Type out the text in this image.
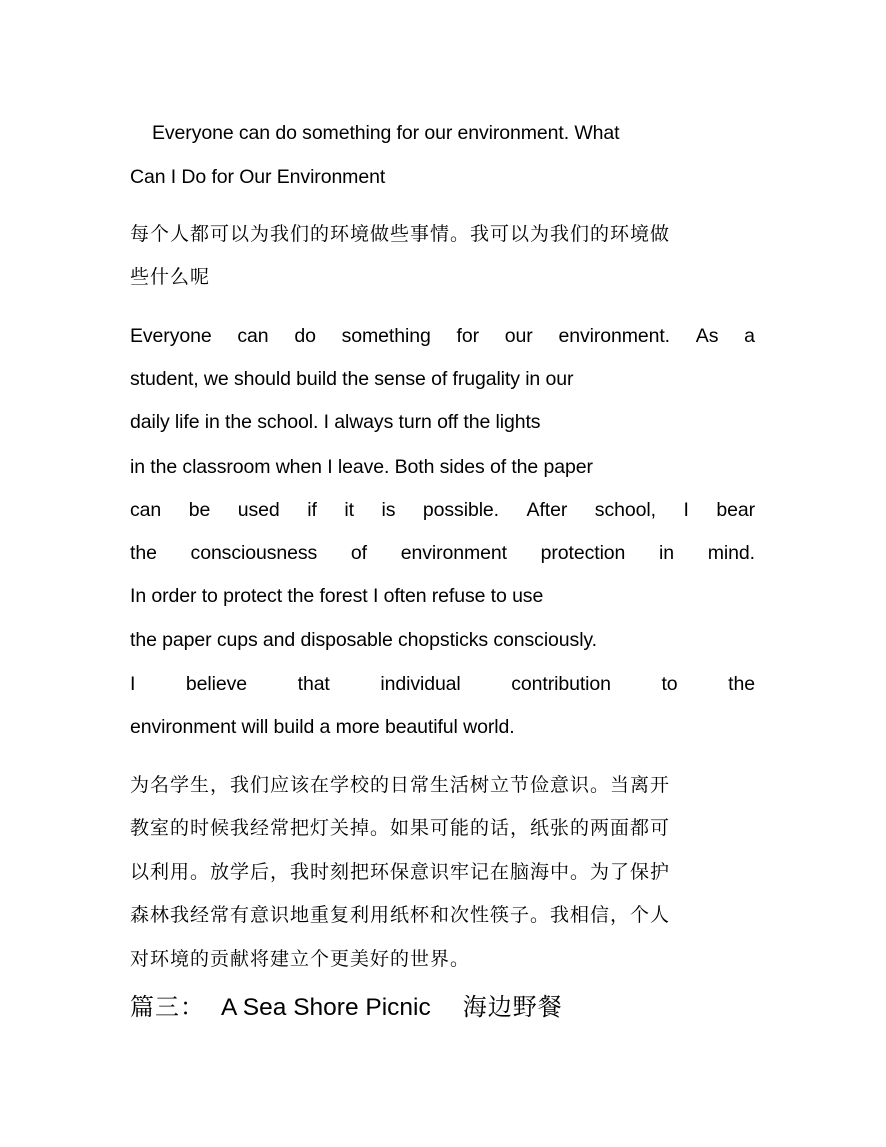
Everyone can do something for our environment. What
Can I Do for Our Environment
每个人都可以为我们的环境做些事情。我可以为我们的环境做
些什么呢
Everyone can do something for our environment. As a
student, we should build the sense of frugality in our
daily life in the school. I always turn off the lights
in the classroom when I leave. Both sides of the paper
can be used if it is possible. After school, I bear
the consciousness of environment protection in mind.
In order to protect the forest I often refuse to use
the paper cups and disposable chopsticks consciously.
I	believe	that	individual	contribution	to	the
environment will build a more beautiful world.
为名学生，我们应该在学校的日常生活树立节俭意识。当离开
教室的时候我经常把灯关掉。如果可能的话，纸张的两面都可
以利用。放学后，我时刻把环保意识牢记在脑海中。为了保护
森林我经常有意识地重复利用纸杯和次性筷子。我相信，个人
对环境的贡献将建立个更美好的世界。
篇三： A Sea Shore Picnic 海边野餐
